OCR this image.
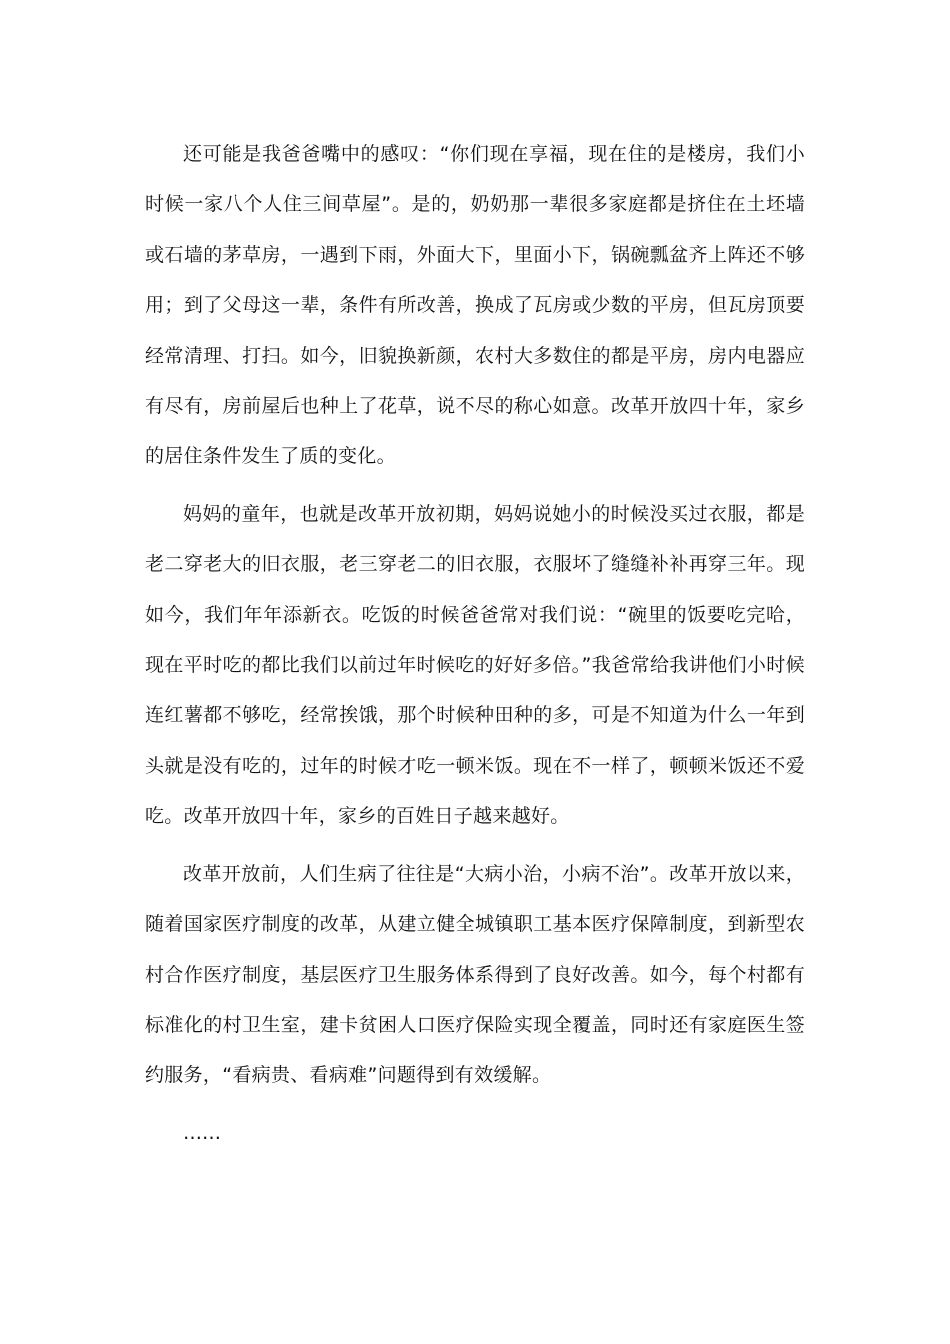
还可能是我爸爸嘴中的感叹：“你们现在享福，现在住的是楼房，我们小时候一家八个人住三间草屋”。是的，奶奶那一辈很多家庭都是挤住在土坯墙或石墙的茅草房，一遇到下雨，外面大下，里面小下，锅碗瓢盆齐上阵还不够用；到了父母这一辈，条件有所改善，换成了瓦房或少数的平房，但瓦房顶要经常清理、打扫。如今，旧貌换新颜，农村大多数住的都是平房，房内电器应有尽有，房前屋后也种上了花草，说不尽的称心如意。改革开放四十年，家乡的居住条件发生了质的变化。

妈妈的童年，也就是改革开放初期，妈妈说她小的时候没买过衣服，都是老二穿老大的旧衣服，老三穿老二的旧衣服，衣服坏了缝缝补补再穿三年。现如今，我们年年添新衣。吃饭的时候爸爸常对我们说：“碗里的饭要吃完哈，现在平时吃的都比我们以前过年时候吃的好好多倍。”我爸常给我讲他们小时候连红薯都不够吃，经常挨饿，那个时候种田种的多，可是不知道为什么一年到头就是没有吃的，过年的时候才吃一顿米饭。现在不一样了，顿顿米饭还不爱吃。改革开放四十年，家乡的百姓日子越来越好。

改革开放前，人们生病了往往是“大病小治，小病不治”。改革开放以来，随着国家医疗制度的改革，从建立健全城镇职工基本医疗保障制度，到新型农村合作医疗制度，基层医疗卫生服务体系得到了良好改善。如今，每个村都有标准化的村卫生室，建卡贫困人口医疗保险实现全覆盖，同时还有家庭医生签约服务，“看病贵、看病难”问题得到有效缓解。

……
